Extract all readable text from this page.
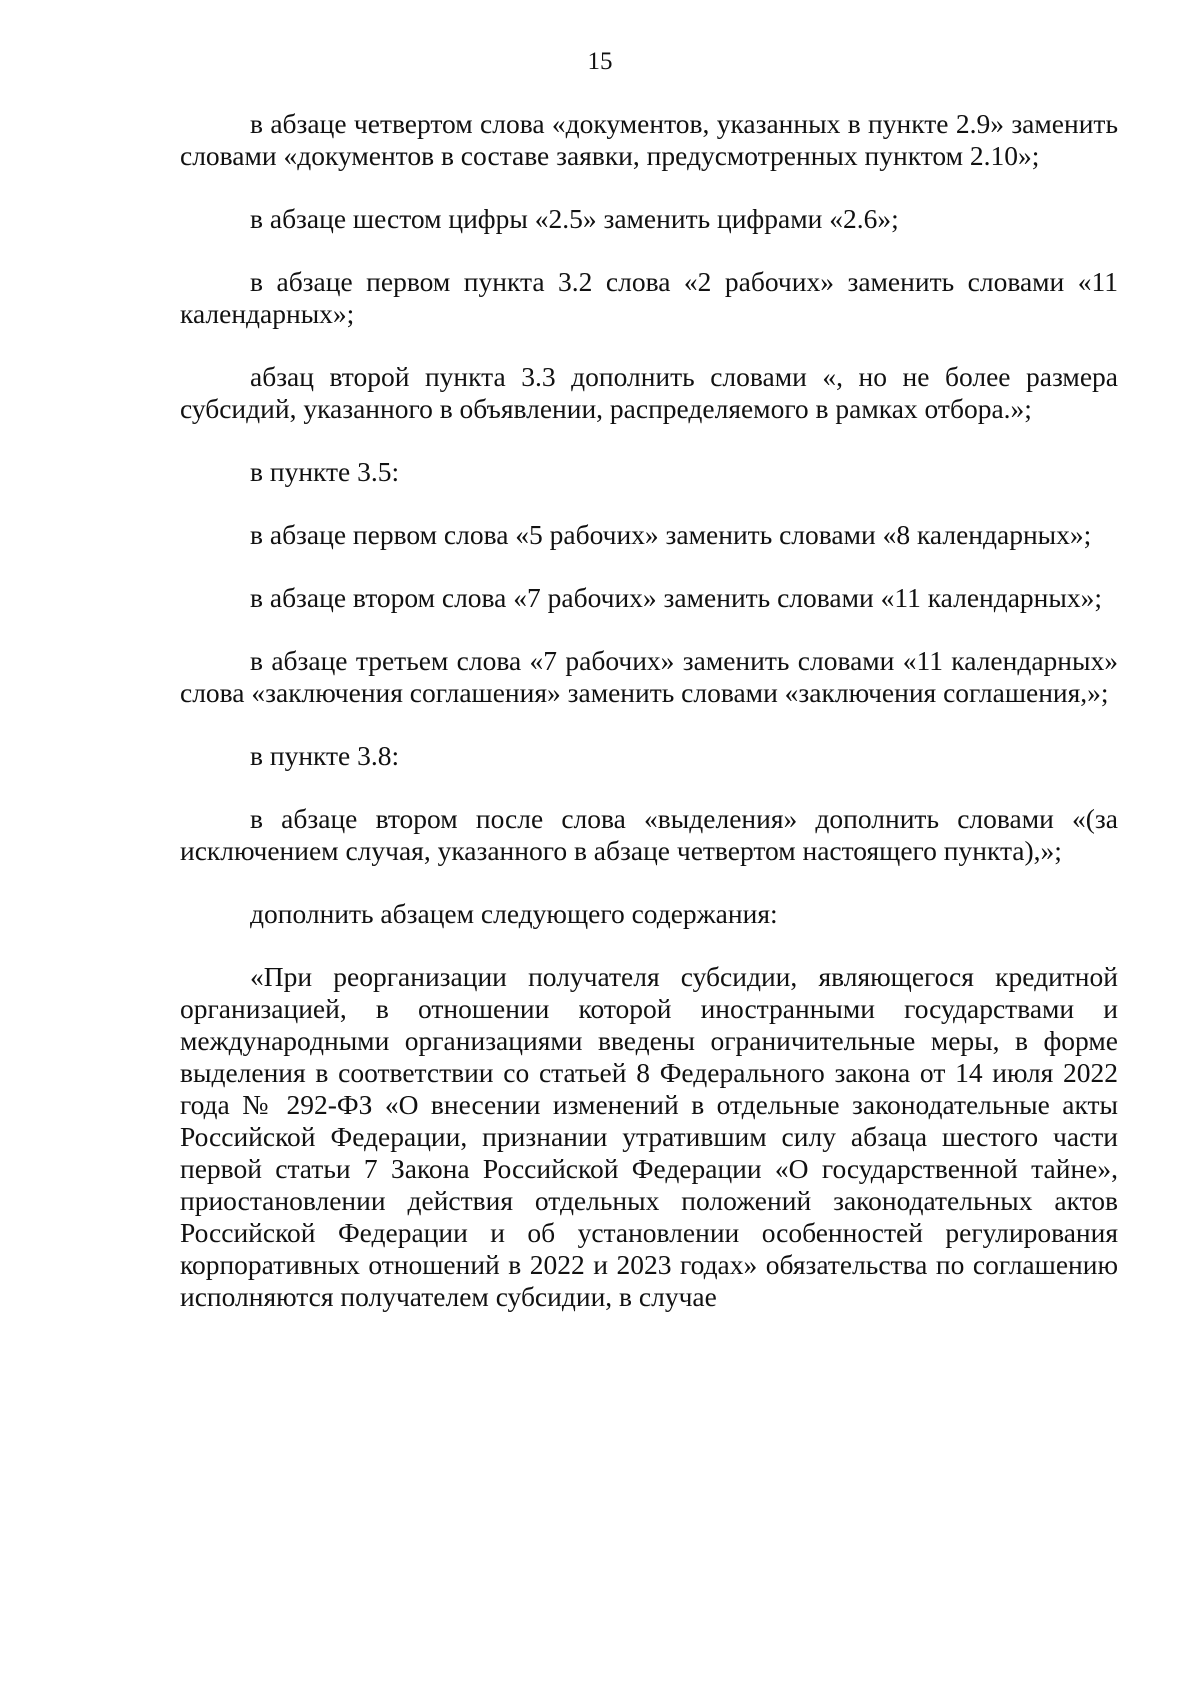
15

в абзаце четвертом слова «документов, указанных в пункте 2.9» заменить словами «документов в составе заявки, предусмотренных пунктом 2.10»;

в абзаце шестом цифры «2.5» заменить цифрами «2.6»;

в абзаце первом пункта 3.2 слова «2 рабочих» заменить словами «11 календарных»;

абзац второй пункта 3.3 дополнить словами «, но не более размера субсидий, указанного в объявлении, распределяемого в рамках отбора.»;

в пункте 3.5:

в абзаце первом слова «5 рабочих» заменить словами «8 календарных»;

в абзаце втором слова «7 рабочих» заменить словами «11 календарных»;

в абзаце третьем слова «7 рабочих» заменить словами «11 календарных» слова «заключения соглашения» заменить словами «заключения соглашения,»;

в пункте 3.8:

в абзаце втором после слова «выделения» дополнить словами «(за исключением случая, указанного в абзаце четвертом настоящего пункта),»;

дополнить абзацем следующего содержания:

«При реорганизации получателя субсидии, являющегося кредитной организацией, в отношении которой иностранными государствами и международными организациями введены ограничительные меры, в форме выделения в соответствии со статьей 8 Федерального закона от 14 июля 2022 года № 292-ФЗ «О внесении изменений в отдельные законодательные акты Российской Федерации, признании утратившим силу абзаца шестого части первой статьи 7 Закона Российской Федерации «О государственной тайне», приостановлении действия отдельных положений законодательных актов Российской Федерации и об установлении особенностей регулирования корпоративных отношений в 2022 и 2023 годах» обязательства по соглашению исполняются получателем субсидии, в случае
